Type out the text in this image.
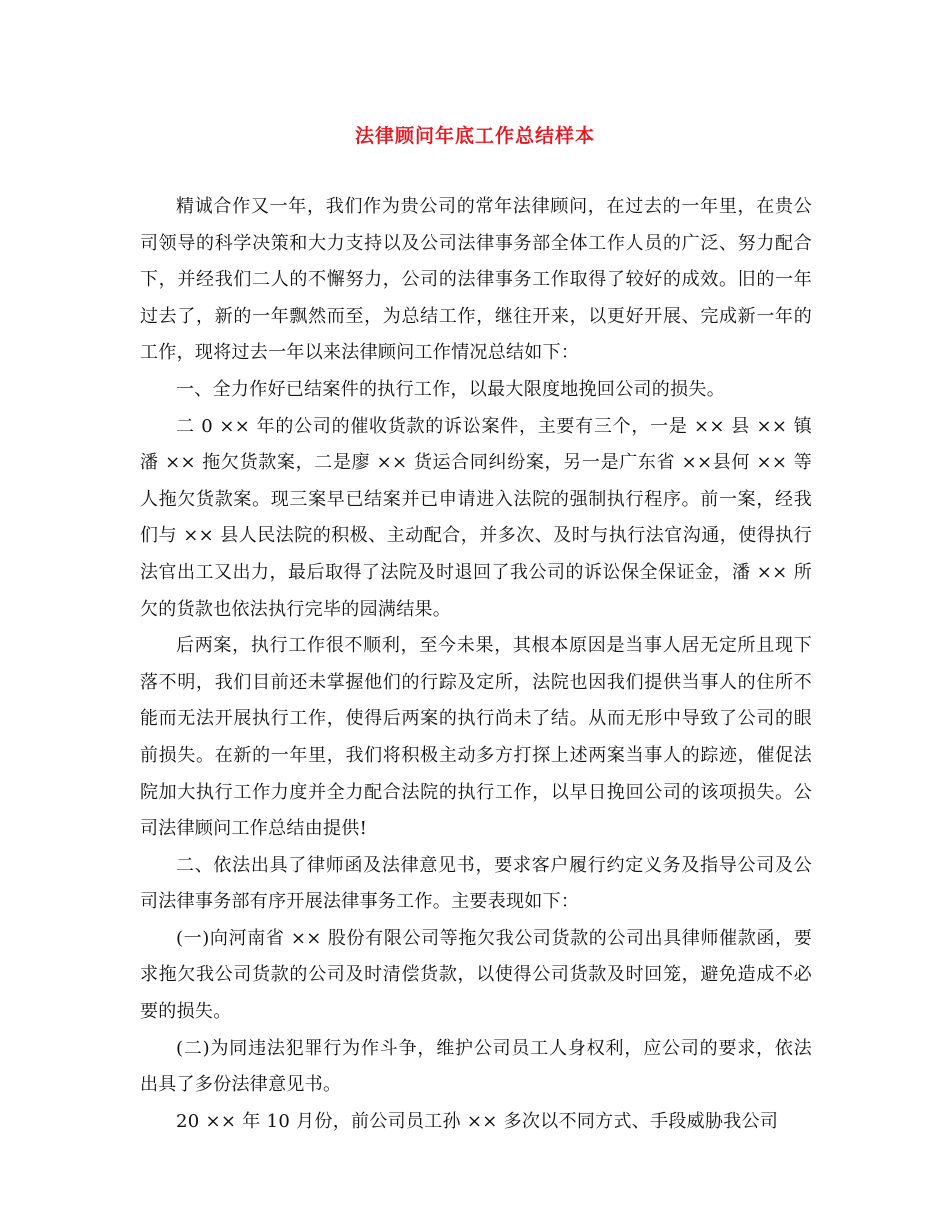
法律顾问年底工作总结样本

精诚合作又一年，我们作为贵公司的常年法律顾问，在过去的一年里，在贵公司领导的科学决策和大力支持以及公司法律事务部全体工作人员的广泛、努力配合下，并经我们二人的不懈努力，公司的法律事务工作取得了较好的成效。旧的一年过去了，新的一年飘然而至，为总结工作，继往开来，以更好开展、完成新一年的工作，现将过去一年以来法律顾问工作情况总结如下：

一、全力作好已结案件的执行工作，以最大限度地挽回公司的损失。

二 0 ×× 年的公司的催收货款的诉讼案件，主要有三个，一是 ×× 县 ×× 镇潘 ×× 拖欠货款案，二是廖 ×× 货运合同纠纷案，另一是广东省 ××县何 ×× 等人拖欠货款案。现三案早已结案并已申请进入法院的强制执行程序。前一案，经我们与 ×× 县人民法院的积极、主动配合，并多次、及时与执行法官沟通，使得执行法官出工又出力，最后取得了法院及时退回了我公司的诉讼保全保证金，潘 ×× 所欠的货款也依法执行完毕的园满结果。

后两案，执行工作很不顺利，至今未果，其根本原因是当事人居无定所且现下落不明，我们目前还未掌握他们的行踪及定所，法院也因我们提供当事人的住所不能而无法开展执行工作，使得后两案的执行尚未了结。从而无形中导致了公司的眼前损失。在新的一年里，我们将积极主动多方打探上述两案当事人的踪迹，催促法院加大执行工作力度并全力配合法院的执行工作，以早日挽回公司的该项损失。公司法律顾问工作总结由提供!

二、依法出具了律师函及法律意见书，要求客户履行约定义务及指导公司及公司法律事务部有序开展法律事务工作。主要表现如下：

(一)向河南省 ×× 股份有限公司等拖欠我公司货款的公司出具律师催款函，要求拖欠我公司货款的公司及时清偿货款，以使得公司货款及时回笼，避免造成不必要的损失。

(二)为同违法犯罪行为作斗争，维护公司员工人身权利，应公司的要求，依法出具了多份法律意见书。

20 ×× 年 10 月份，前公司员工孙 ×× 多次以不同方式、手段威胁我公司
